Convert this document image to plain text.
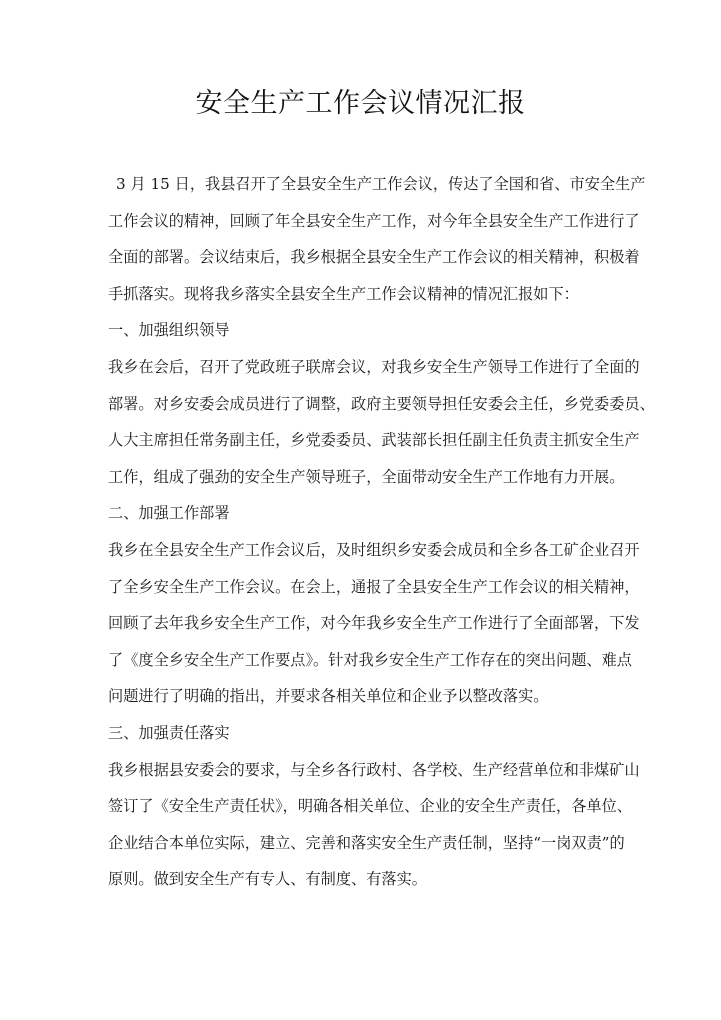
安全生产工作会议情况汇报
3 月 15 日，我县召开了全县安全生产工作会议，传达了全国和省、市安全生产
工作会议的精神，回顾了年全县安全生产工作，对今年全县安全生产工作进行了
全面的部署。会议结束后，我乡根据全县安全生产工作会议的相关精神，积极着
手抓落实。现将我乡落实全县安全生产工作会议精神的情况汇报如下：
一、加强组织领导
我乡在会后，召开了党政班子联席会议，对我乡安全生产领导工作进行了全面的
部署。对乡安委会成员进行了调整，政府主要领导担任安委会主任，乡党委委员、
人大主席担任常务副主任，乡党委委员、武装部长担任副主任负责主抓安全生产
工作，组成了强劲的安全生产领导班子，全面带动安全生产工作地有力开展。
二、加强工作部署
我乡在全县安全生产工作会议后，及时组织乡安委会成员和全乡各工矿企业召开
了全乡安全生产工作会议。在会上，通报了全县安全生产工作会议的相关精神，
回顾了去年我乡安全生产工作，对今年我乡安全生产工作进行了全面部署，下发
了《度全乡安全生产工作要点》。针对我乡安全生产工作存在的突出问题、难点
问题进行了明确的指出，并要求各相关单位和企业予以整改落实。
三、加强责任落实
我乡根据县安委会的要求，与全乡各行政村、各学校、生产经营单位和非煤矿山
签订了《安全生产责任状》，明确各相关单位、企业的安全生产责任，各单位、
企业结合本单位实际，建立、完善和落实安全生产责任制，坚持“一岗双责”的
原则。做到安全生产有专人、有制度、有落实。
